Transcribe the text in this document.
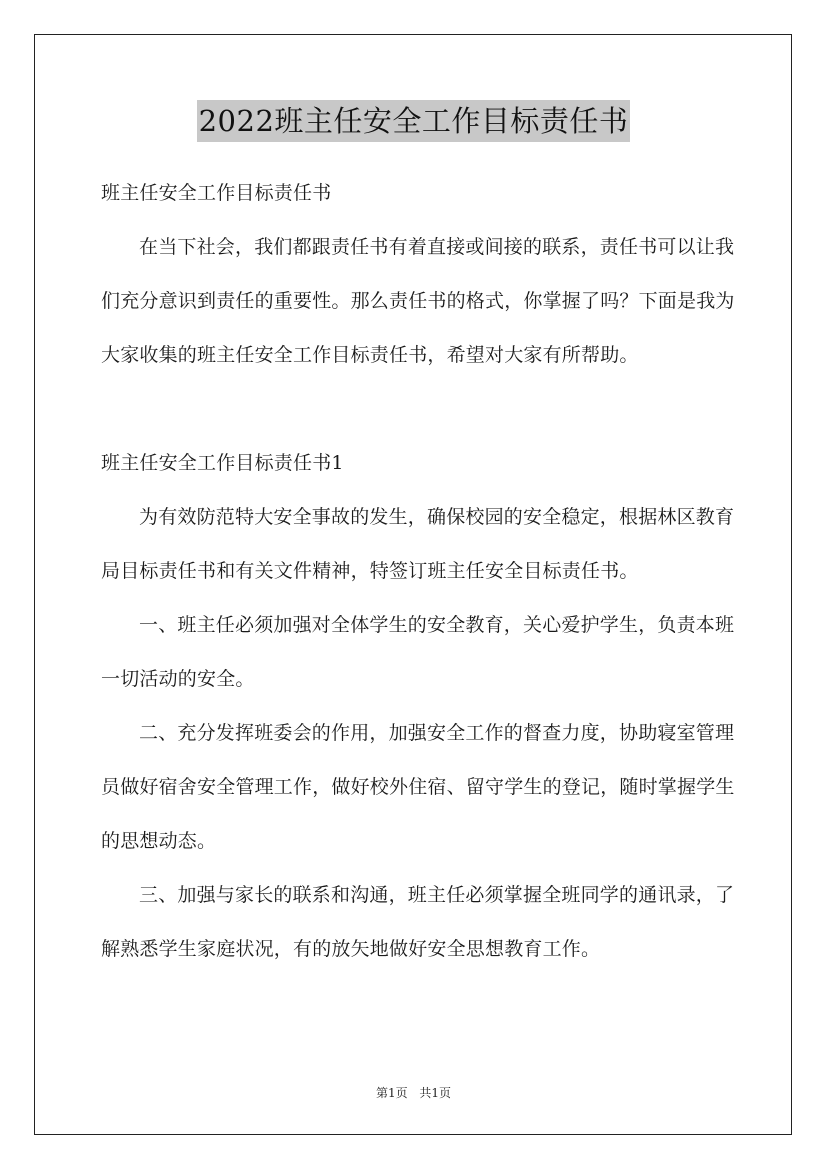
2022班主任安全工作目标责任书

班主任安全工作目标责任书

在当下社会，我们都跟责任书有着直接或间接的联系，责任书可以让我们充分意识到责任的重要性。那么责任书的格式，你掌握了吗？下面是我为大家收集的班主任安全工作目标责任书，希望对大家有所帮助。

班主任安全工作目标责任书1

为有效防范特大安全事故的发生，确保校园的安全稳定，根据林区教育局目标责任书和有关文件精神，特签订班主任安全目标责任书。

一、班主任必须加强对全体学生的安全教育，关心爱护学生，负责本班一切活动的安全。

二、充分发挥班委会的作用，加强安全工作的督查力度，协助寝室管理员做好宿舍安全管理工作，做好校外住宿、留守学生的登记，随时掌握学生的思想动态。

三、加强与家长的联系和沟通，班主任必须掌握全班同学的通讯录，了解熟悉学生家庭状况，有的放矢地做好安全思想教育工作。

第1页 共1页
